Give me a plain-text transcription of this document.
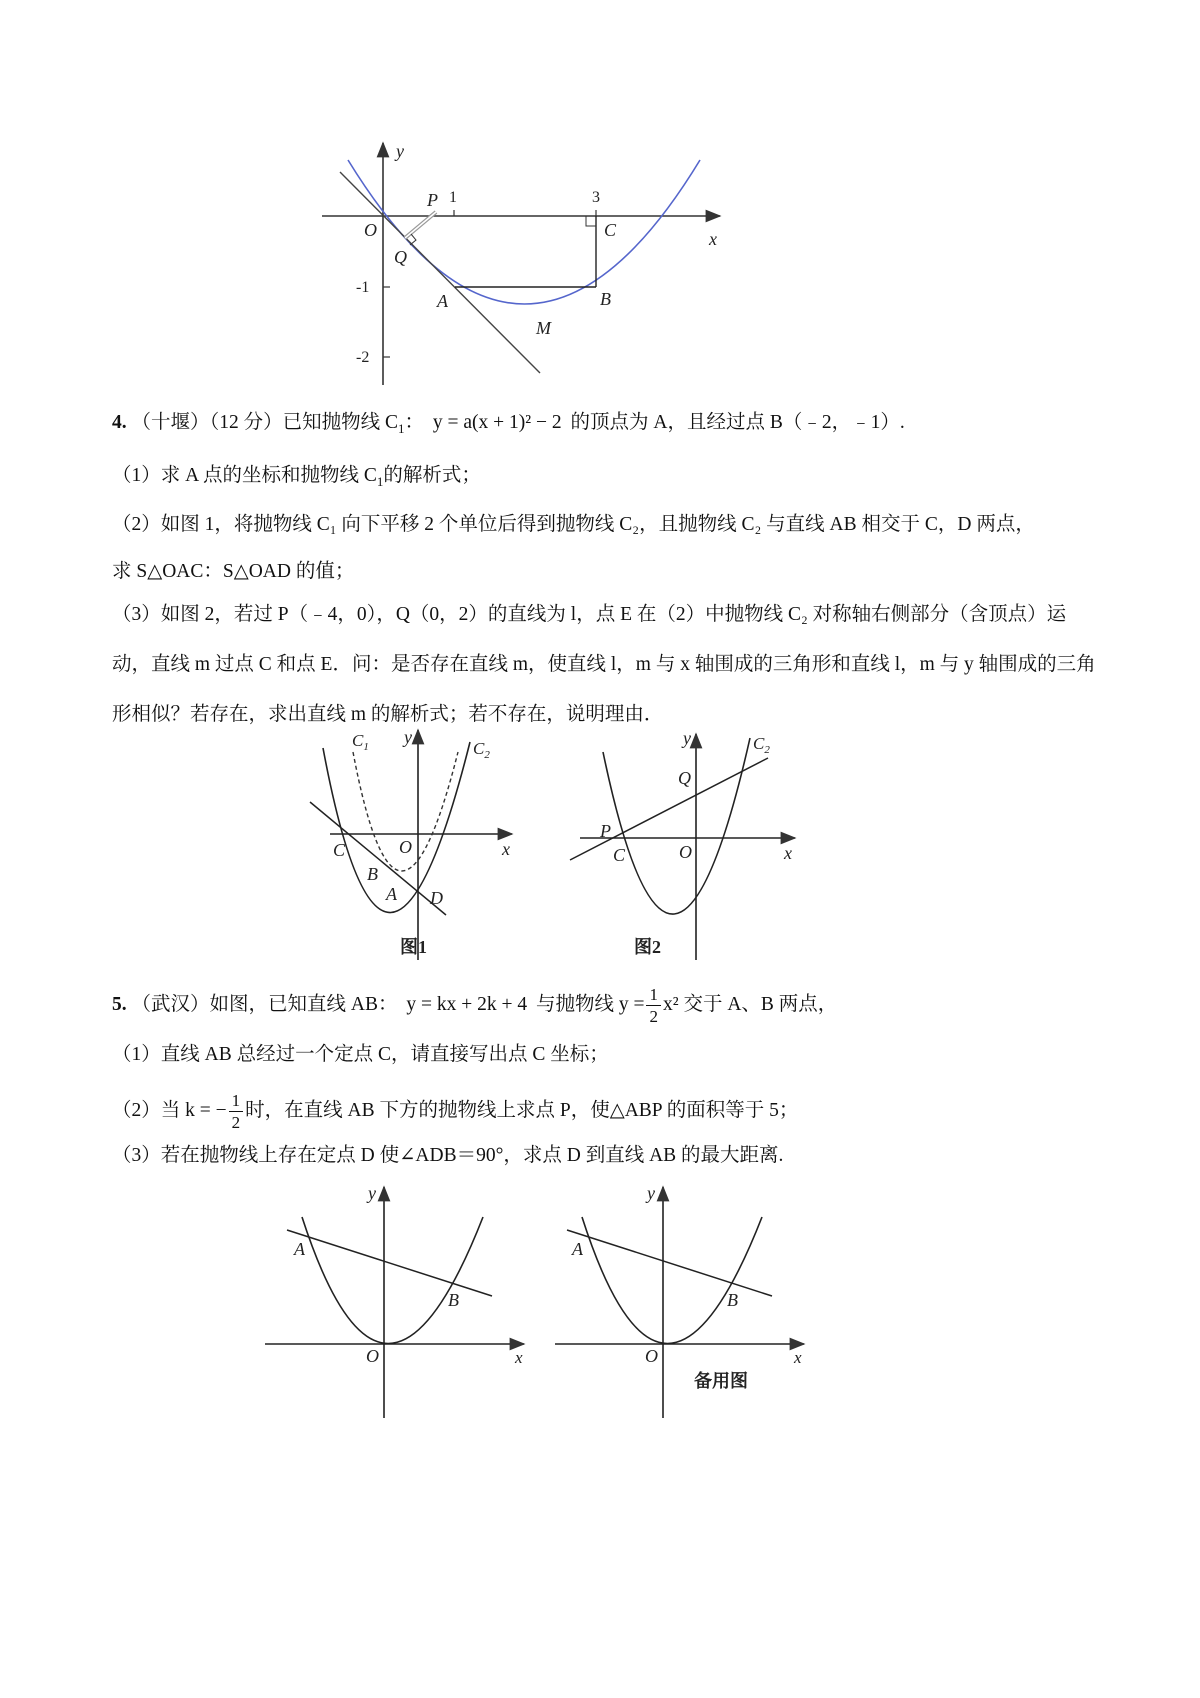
y
x
1	3
-1
-2
O
P
Q
C
A	B
M
4. （十堰）（12 分）已知抛物线 $C_1$： y = a(x + 1)² − 2 的顶点为 A，且经过点 B（﹣2，﹣1）.
（1）求 A 点的坐标和抛物线 $C_1$的解析式；
（2）如图 1，将抛物线 C₁ 向下平移 2 个单位后得到抛物线 C₂，且抛物线 C₂ 与直线 AB 相交于 C，D 两点，
求 S△OAC：S△OAD 的值；
（3）如图 2，若过 P（﹣4，0），Q（0，2）的直线为 l，点 E 在（2）中抛物线 C₂ 对称轴右侧部分（含顶点）运动，直线 m 过点 C 和点 E．问：是否存在直线 m，使直线 l，m 与 x 轴围成的三角形和直线 l，m 与 y 轴围成的三角形相似？若存在，求出直线 m 的解析式；若不存在，说明理由．
$C_1$	$C_2$
y
x
C	O
B
A D
图1
$C_2$
y
x
Q
P
C	O
图2
5. （武汉）如图，已知直线 AB： y = kx + 2k + 4 与抛物线 $y = \frac{1}{2} x^2$ 交于 A、B 两点，
（1）直线 AB 总经过一个定点 C，请直接写出点 C 坐标；
（2）当 k = − $\frac{1}{2}$ 时，在直线 AB 下方的抛物线上求点 P，使△ABP 的面积等于 5；
（3）若在抛物线上存在定点 D 使∠ADB＝90°，求点 D 到直线 AB 的最大距离.
y
x
A
B
O
y
x
A
B
O
备用图
